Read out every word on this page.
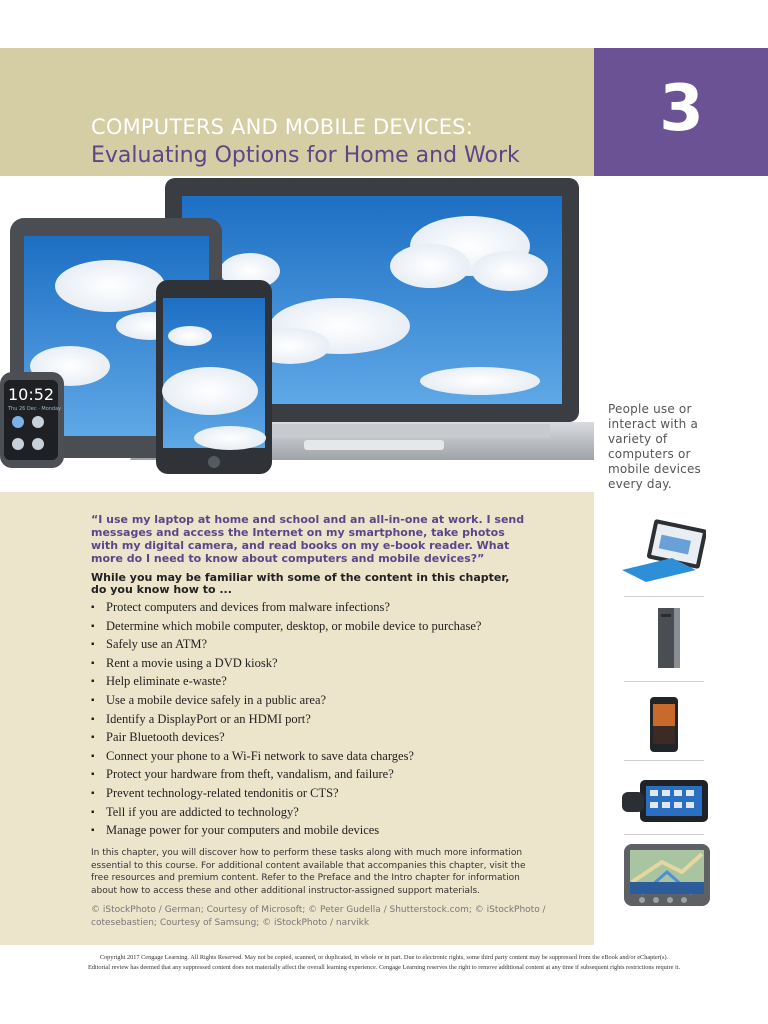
3
COMPUTERS AND MOBILE DEVICES:
Evaluating Options for Home and Work
10:52
Thu 26 Dec · Monday	People use or interact with a variety of computers or mobile devices every day.
“I use my laptop at home and school and an all-in-one at work. I send messages and access the Internet on my smartphone, take photos with my digital camera, and read books on my e-book reader. What more do I need to know about computers and mobile devices?”
While you may be familiar with some of the content in this chapter, do you know how to ...
▪ Protect computers and devices from malware infections?
▪ Determine which mobile computer, desktop, or mobile device to purchase?
▪ Safely use an ATM?
▪ Rent a movie using a DVD kiosk?
▪ Help eliminate e-waste?
▪ Use a mobile device safely in a public area?
▪ Identify a DisplayPort or an HDMI port?
▪ Pair Bluetooth devices?
▪ Connect your phone to a Wi-Fi network to save data charges?
▪ Protect your hardware from theft, vandalism, and failure?
▪ Prevent technology-related tendonitis or CTS?
▪ Tell if you are addicted to technology?
▪ Manage power for your computers and mobile devices
In this chapter, you will discover how to perform these tasks along with much more information essential to this course. For additional content available that accompanies this chapter, visit the free resources and premium content. Refer to the Preface and the Intro chapter for information about how to access these and other additional instructor-assigned support materials.
© iStockPhoto / German; Courtesy of Microsoft; © Peter Gudella / Shutterstock.com; © iStockPhoto / cotesebastien; Courtesy of Samsung; © iStockPhoto / narvikk
Copyright 2017 Cengage Learning. All Rights Reserved. May not be copied, scanned, or duplicated, in whole or in part. Due to electronic rights, some third party content may be suppressed from the eBook and/or eChapter(s).
Editorial review has deemed that any suppressed content does not materially affect the overall learning experience. Cengage Learning reserves the right to remove additional content at any time if subsequent rights restrictions require it.
